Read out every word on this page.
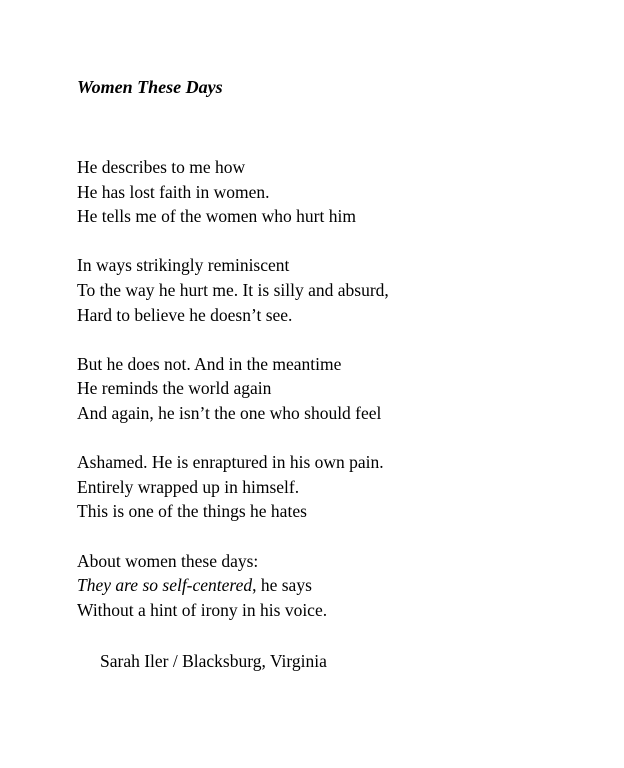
Women These Days
He describes to me how
He has lost faith in women.
He tells me of the women who hurt him
In ways strikingly reminiscent
To the way he hurt me. It is silly and absurd,
Hard to believe he doesn’t see.
But he does not. And in the meantime
He reminds the world again
And again, he isn’t the one who should feel
Ashamed. He is enraptured in his own pain.
Entirely wrapped up in himself.
This is one of the things he hates
About women these days:
They are so self-centered, he says
Without a hint of irony in his voice.
Sarah Iler / Blacksburg, Virginia
